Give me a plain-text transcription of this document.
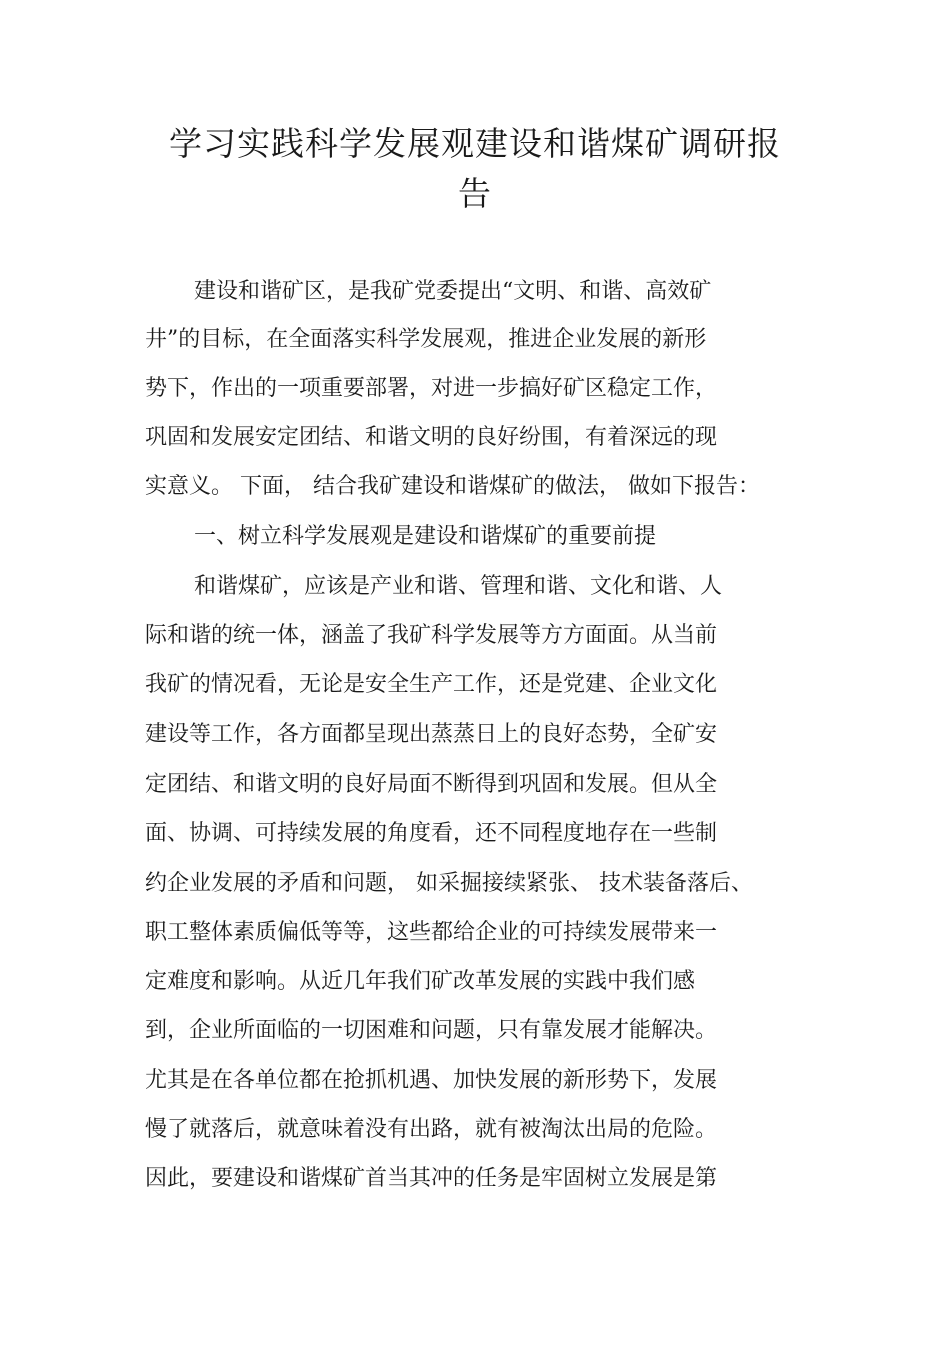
学习实践科学发展观建设和谐煤矿调研报
告
建设和谐矿区，是我矿党委提出“文明、和谐、高效矿
井”的目标，在全面落实科学发展观，推进企业发展的新形
势下，作出的一项重要部署，对进一步搞好矿区稳定工作，
巩固和发展安定团结、和谐文明的良好纷围，有着深远的现
实意义。 下面， 结合我矿建设和谐煤矿的做法， 做如下报告：
一、树立科学发展观是建设和谐煤矿的重要前提
和谐煤矿，应该是产业和谐、管理和谐、文化和谐、人
际和谐的统一体，涵盖了我矿科学发展等方方面面。从当前
我矿的情况看，无论是安全生产工作，还是党建、企业文化
建设等工作，各方面都呈现出蒸蒸日上的良好态势，全矿安
定团结、和谐文明的良好局面不断得到巩固和发展。但从全
面、协调、可持续发展的角度看，还不同程度地存在一些制
约企业发展的矛盾和问题， 如采掘接续紧张、 技术装备落后、
职工整体素质偏低等等，这些都给企业的可持续发展带来一
定难度和影响。从近几年我们矿改革发展的实践中我们感
到，企业所面临的一切困难和问题，只有靠发展才能解决。
尤其是在各单位都在抢抓机遇、加快发展的新形势下，发展
慢了就落后，就意味着没有出路，就有被淘汰出局的危险。
因此，要建设和谐煤矿首当其冲的任务是牢固树立发展是第
